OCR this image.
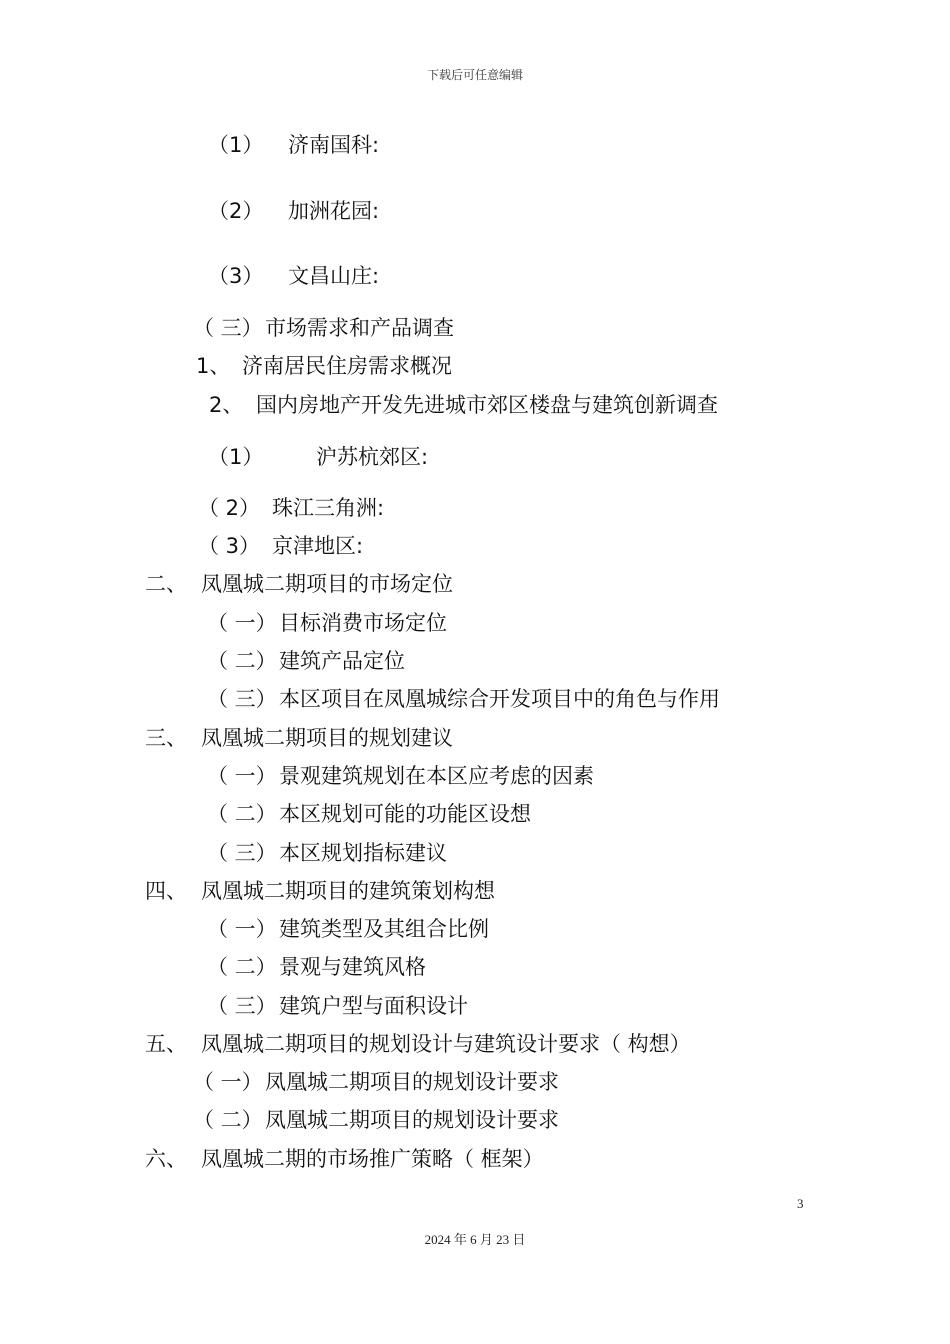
下载后可任意编辑
（1） 济南国科:
（2） 加洲花园:
（3） 文昌山庄:
（ 三） 市场需求和产品调查
1、 济南居民住房需求概况
2、 国内房地产开发先进城市郊区楼盘与建筑创新调查
（1）	沪苏杭郊区:
（ 2） 珠江三角洲:
（ 3） 京津地区:
二、 凤凰城二期项目的市场定位
（ 一） 目标消费市场定位
（ 二） 建筑产品定位
（ 三） 本区项目在凤凰城综合开发项目中的角色与作用
三、 凤凰城二期项目的规划建议
（ 一） 景观建筑规划在本区应考虑的因素
（ 二） 本区规划可能的功能区设想
（ 三） 本区规划指标建议
四、 凤凰城二期项目的建筑策划构想
（ 一） 建筑类型及其组合比例
（ 二） 景观与建筑风格
（ 三） 建筑户型与面积设计
五、 凤凰城二期项目的规划设计与建筑设计要求（ 构想）
（ 一） 凤凰城二期项目的规划设计要求
（ 二） 凤凰城二期项目的规划设计要求
六、 凤凰城二期的市场推广策略（ 框架）
3
2024 年 6 月 23 日
